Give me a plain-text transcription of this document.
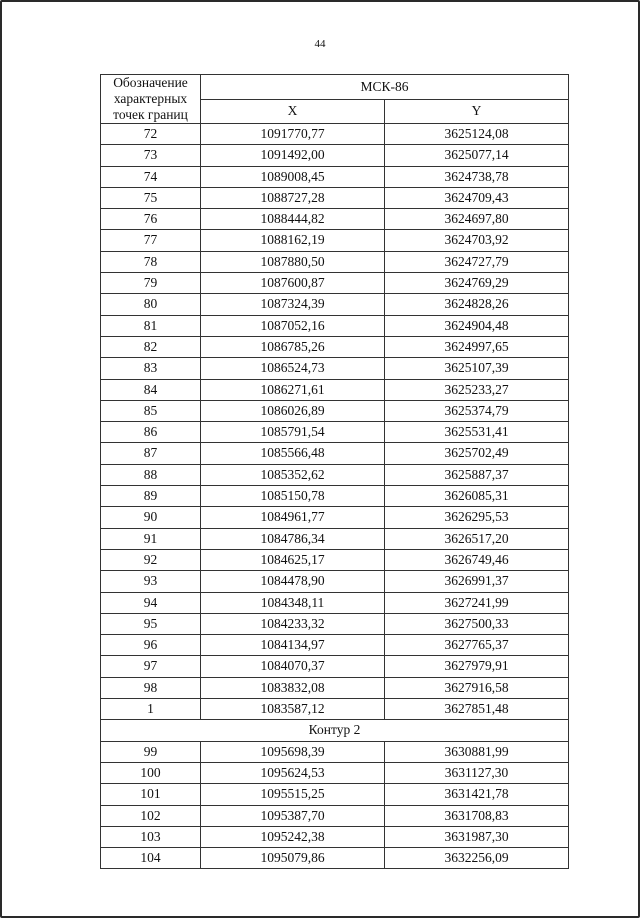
44
Обозначение характерных точек границ	МСК-86	
	X	Y
72	1091770,77	3625124,08
73	1091492,00	3625077,14
74	1089008,45	3624738,78
75	1088727,28	3624709,43
76	1088444,82	3624697,80
77	1088162,19	3624703,92
78	1087880,50	3624727,79
79	1087600,87	3624769,29
80	1087324,39	3624828,26
81	1087052,16	3624904,48
82	1086785,26	3624997,65
83	1086524,73	3625107,39
84	1086271,61	3625233,27
85	1086026,89	3625374,79
86	1085791,54	3625531,41
87	1085566,48	3625702,49
88	1085352,62	3625887,37
89	1085150,78	3626085,31
90	1084961,77	3626295,53
91	1084786,34	3626517,20
92	1084625,17	3626749,46
93	1084478,90	3626991,37
94	1084348,11	3627241,99
95	1084233,32	3627500,33
96	1084134,97	3627765,37
97	1084070,37	3627979,91
98	1083832,08	3627916,58
1	1083587,12	3627851,48
Контур 2		
99	1095698,39	3630881,99
100	1095624,53	3631127,30
101	1095515,25	3631421,78
102	1095387,70	3631708,83
103	1095242,38	3631987,30
104	1095079,86	3632256,09
